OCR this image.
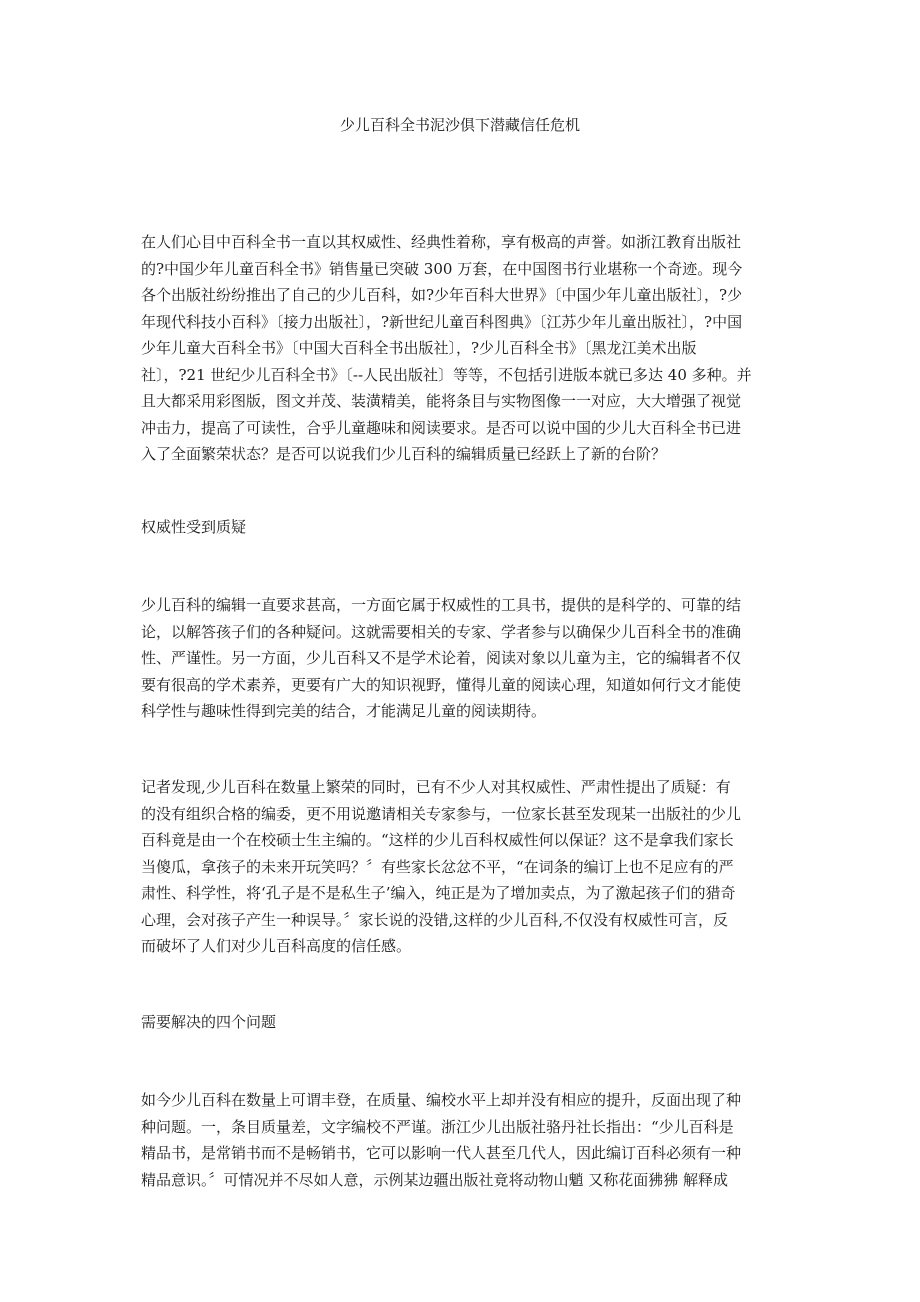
少儿百科全书泥沙俱下潜藏信任危机

在人们心目中百科全书一直以其权威性、经典性着称，享有极高的声誉。如浙江教育出版社
的?中国少年儿童百科全书》销售量已突破 300 万套，在中国图书行业堪称一个奇迹。现今
各个出版社纷纷推出了自己的少儿百科，如?少年百科大世界》〔中国少年儿童出版社〕，?少
年现代科技小百科》〔接力出版社〕，?新世纪儿童百科图典》〔江苏少年儿童出版社〕，?中国
少年儿童大百科全书》〔中国大百科全书出版社〕，?少儿百科全书》〔黑龙江美术出版
社〕，?21 世纪少儿百科全书》〔--人民出版社〕等等，不包括引进版本就已多达 40 多种。并
且大都采用彩图版，图文并茂、装潢精美，能将条目与实物图像一一对应，大大增强了视觉
冲击力，提高了可读性，合乎儿童趣味和阅读要求。是否可以说中国的少儿大百科全书已进
入了全面繁荣状态？是否可以说我们少儿百科的编辑质量已经跃上了新的台阶？

权威性受到质疑

少儿百科的编辑一直要求甚高，一方面它属于权威性的工具书，提供的是科学的、可靠的结
论，以解答孩子们的各种疑问。这就需要相关的专家、学者参与以确保少儿百科全书的准确
性、严谨性。另一方面，少儿百科又不是学术论着，阅读对象以儿童为主，它的编辑者不仅
要有很高的学术素养，更要有广大的知识视野，懂得儿童的阅读心理，知道如何行文才能使
科学性与趣味性得到完美的结合，才能满足儿童的阅读期待。

记者发现,少儿百科在数量上繁荣的同时，已有不少人对其权威性、严肃性提出了质疑：有
的没有组织合格的编委，更不用说邀请相关专家参与，一位家长甚至发现某一出版社的少儿
百科竟是由一个在校硕士生主编的。“这样的少儿百科权威性何以保证？这不是拿我们家长
当傻瓜，拿孩子的未来开玩笑吗？〞有些家长忿忿不平，“在词条的编订上也不足应有的严
肃性、科学性，将‘孔子是不是私生子’编入，纯正是为了增加卖点，为了激起孩子们的猎奇
心理，会对孩子产生一种误导。〞家长说的没错,这样的少儿百科,不仅没有权威性可言，反
而破坏了人们对少儿百科高度的信任感。

需要解决的四个问题

如今少儿百科在数量上可谓丰登，在质量、编校水平上却并没有相应的提升，反面出现了种
种问题。一，条目质量差，文字编校不严谨。浙江少儿出版社骆丹社长指出：“少儿百科是
精品书，是常销书而不是畅销书，它可以影响一代人甚至几代人，因此编订百科必须有一种
精品意识。〞可情况并不尽如人意，示例某边疆出版社竟将动物山魈 又称花面狒狒 解释成
